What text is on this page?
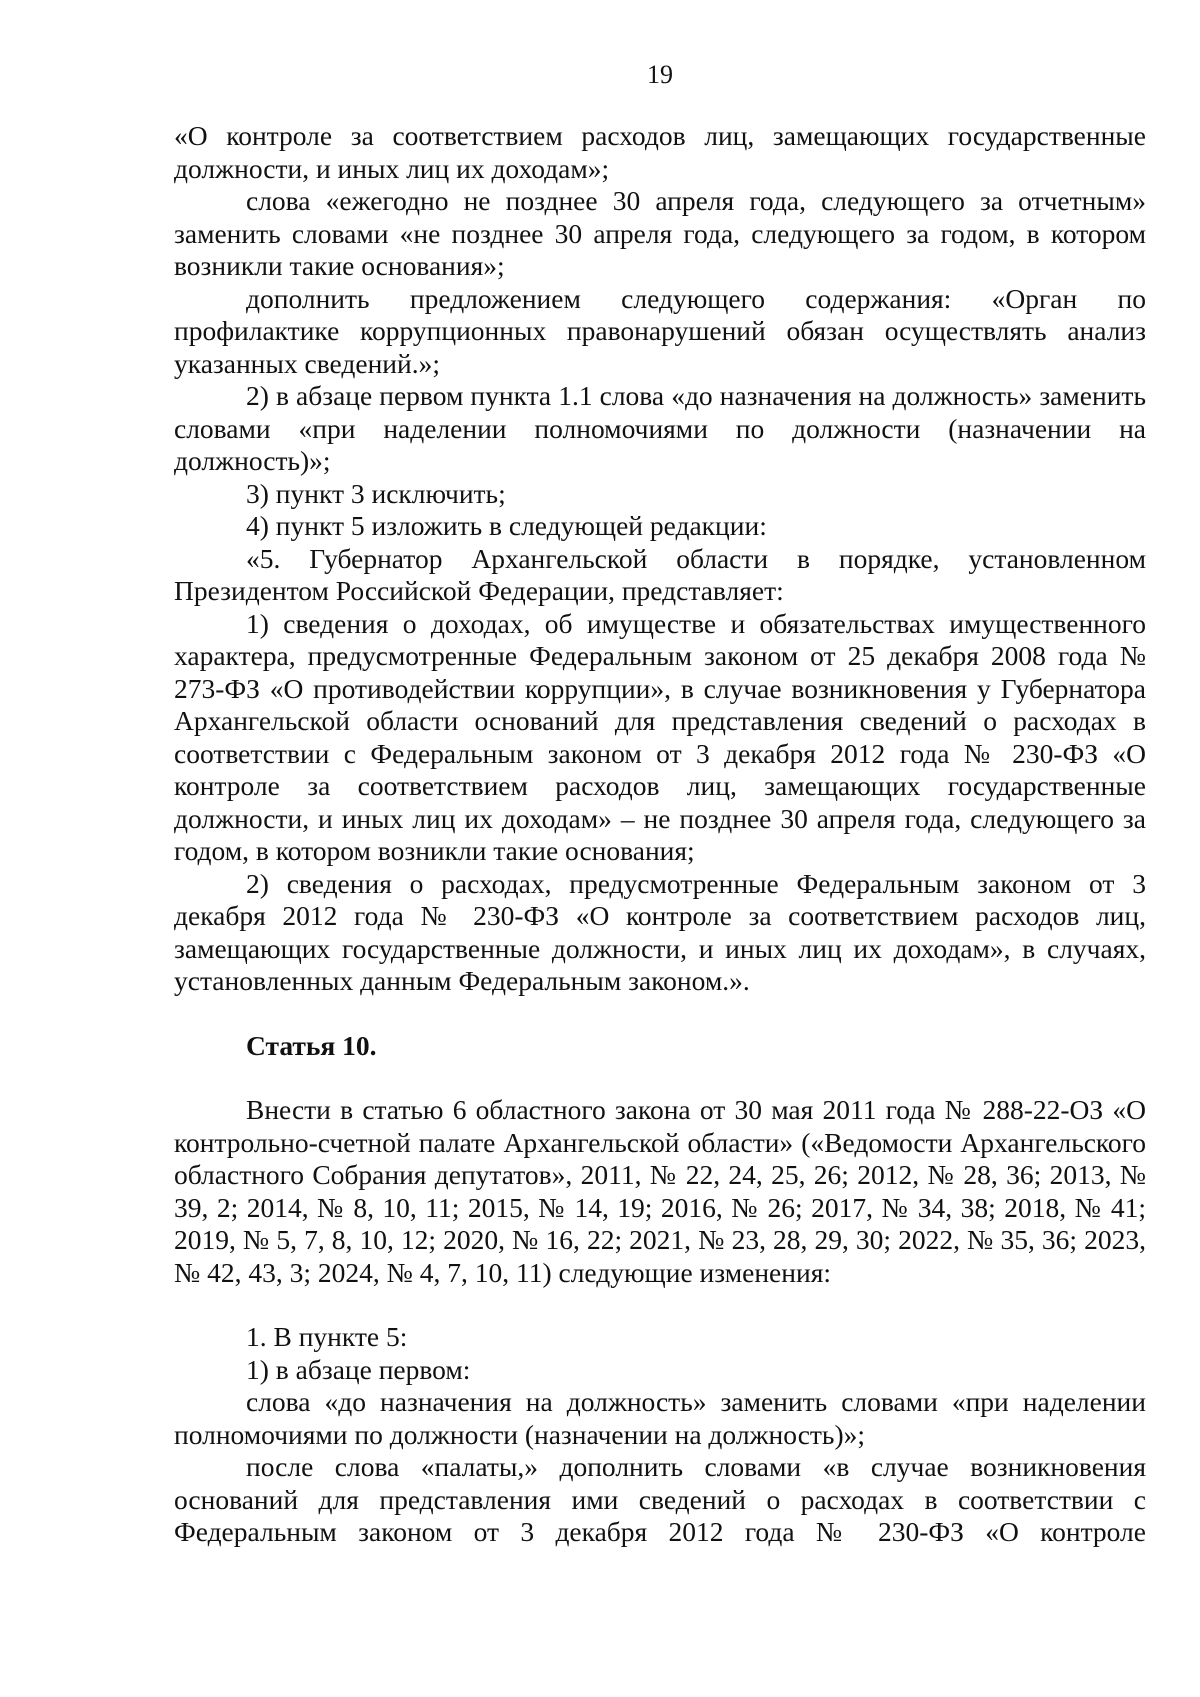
19

«О контроле за соответствием расходов лиц, замещающих государственные должности, и иных лиц их доходам»;

слова «ежегодно не позднее 30 апреля года, следующего за отчетным» заменить словами «не позднее 30 апреля года, следующего за годом, в котором возникли такие основания»;

дополнить предложением следующего содержания: «Орган по профилактике коррупционных правонарушений обязан осуществлять анализ указанных сведений.»;

2) в абзаце первом пункта 1.1 слова «до назначения на должность» заменить словами «при наделении полномочиями по должности (назначении на должность)»;

3) пункт 3 исключить;

4) пункт 5 изложить в следующей редакции:

«5. Губернатор Архангельской области в порядке, установленном Президентом Российской Федерации, представляет:

1) сведения о доходах, об имуществе и обязательствах имущественного характера, предусмотренные Федеральным законом от 25 декабря 2008 года № 273-ФЗ «О противодействии коррупции», в случае возникновения у Губернатора Архангельской области оснований для представления сведений о расходах в соответствии с Федеральным законом от 3 декабря 2012 года № 230-ФЗ «О контроле за соответствием расходов лиц, замещающих государственные должности, и иных лиц их доходам» – не позднее 30 апреля года, следующего за годом, в котором возникли такие основания;

2) сведения о расходах, предусмотренные Федеральным законом от 3 декабря 2012 года № 230-ФЗ «О контроле за соответствием расходов лиц, замещающих государственные должности, и иных лиц их доходам», в случаях, установленных данным Федеральным законом.».

Статья 10.

Внести в статью 6 областного закона от 30 мая 2011 года № 288-22-ОЗ «О контрольно-счетной палате Архангельской области» («Ведомости Архангельского областного Собрания депутатов», 2011, № 22, 24, 25, 26; 2012, № 28, 36; 2013, № 39, 2; 2014, № 8, 10, 11; 2015, № 14, 19; 2016, № 26; 2017, № 34, 38; 2018, № 41; 2019, № 5, 7, 8, 10, 12; 2020, № 16, 22; 2021, № 23, 28, 29, 30; 2022, № 35, 36; 2023, № 42, 43, 3; 2024, № 4, 7, 10, 11) следующие изменения:

1. В пункте 5:

1) в абзаце первом:

слова «до назначения на должность» заменить словами «при наделении полномочиями по должности (назначении на должность)»;

после слова «палаты,» дополнить словами «в случае возникновения оснований для представления ими сведений о расходах в соответствии с Федеральным законом от 3 декабря 2012 года № 230-ФЗ «О контроле
